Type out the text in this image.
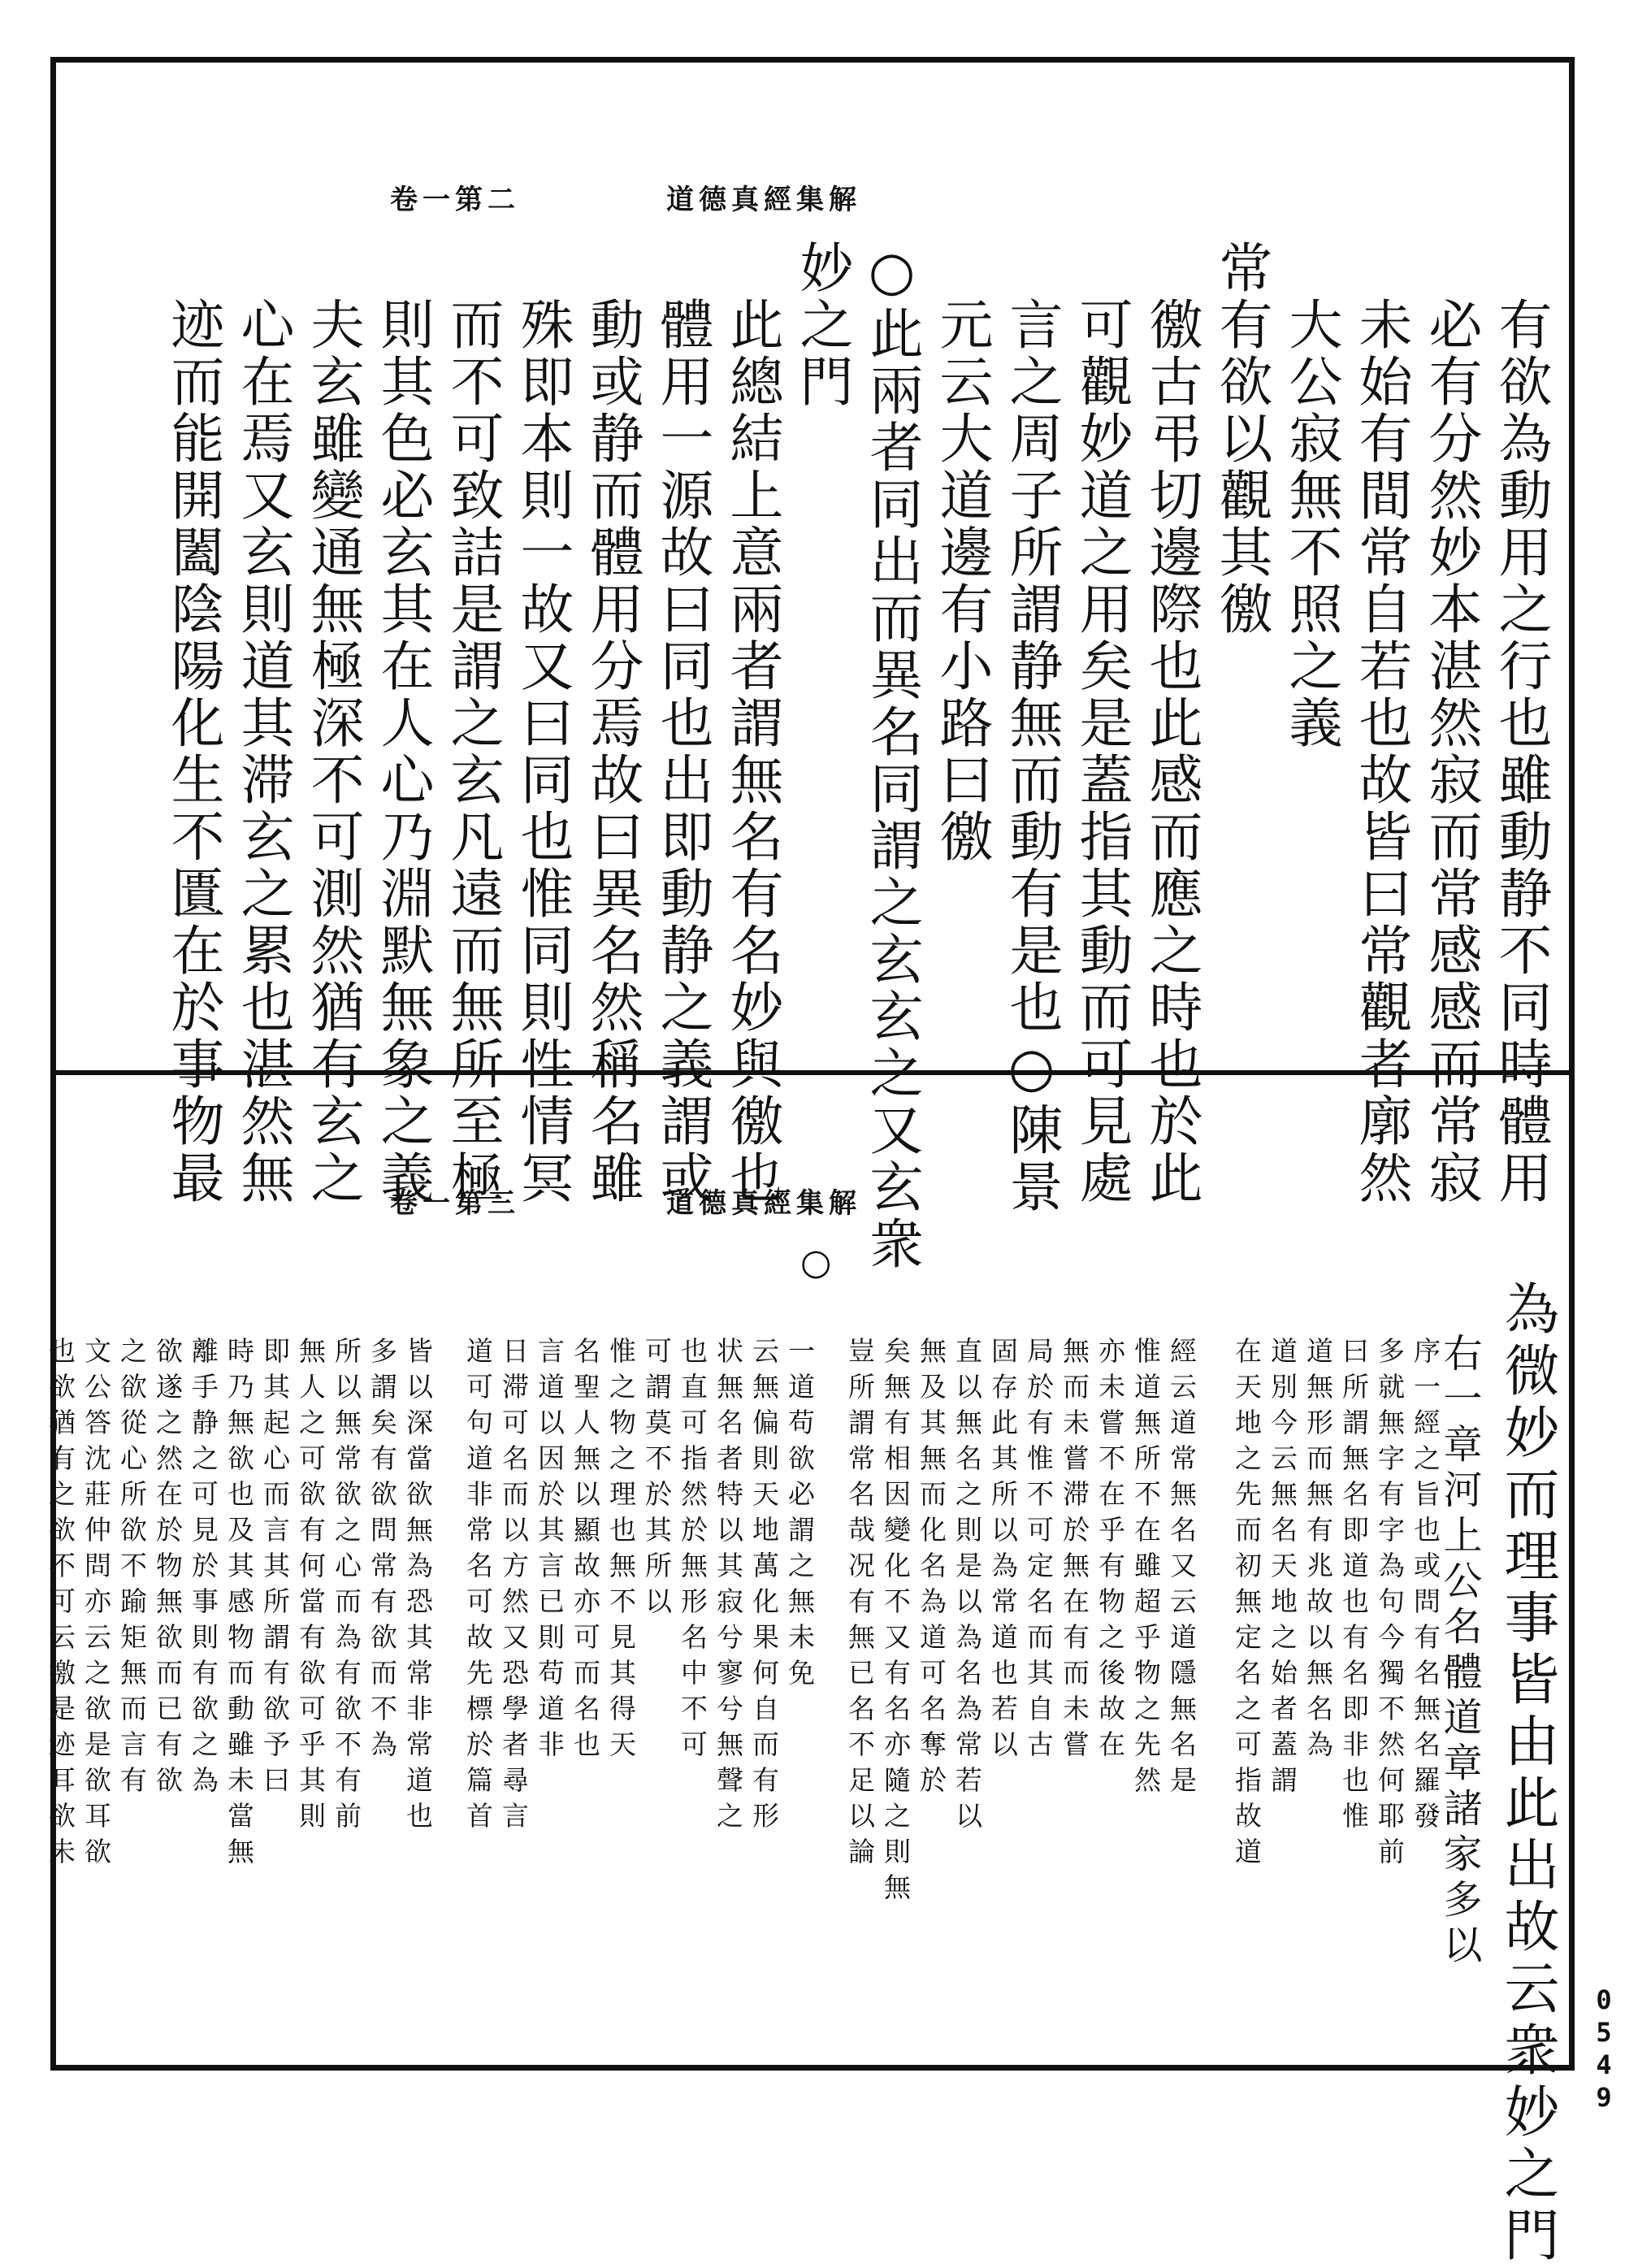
道德真經集解
卷一第二
有欲為動用之行也雖動静不同時體用
必有分然妙本湛然寂而常感感而常寂
未始有間常自若也故皆曰常觀者廓然
大公寂無不照之義
常有欲以觀其徼
徼古弔切邊際也此感而應之時也於此
可觀妙道之用矣是蓋指其動而可見處
言之周子所謂静無而動有是也○陳景
元云大道邊有小路曰徼
○此兩者同出而異名同謂之玄玄之又玄衆
妙之門
此總結上意兩者謂無名有名妙與徼也
體用一源故曰同也出即動静之義謂或
動或静而體用分焉故曰異名然稱名雖
殊即本則一故又曰同也惟同則性情冥
而不可致詰是謂之玄凡遠而無所至極
則其色必玄其在人心乃淵默無象之義
夫玄雖變通無極深不可測然猶有玄之
心在焉又玄則道其滞玄之累也湛然無
迹而能開闔陰陽化生不匱在於事物最	道德真經集解
卷一第三
○
為微妙而理事皆由此出故云衆妙之門
右一章河上公名體道章諸家多以
序一經之旨也或問有名無名羅發
多就無字有字為句今獨不然何耶前
曰所謂無名即道也有名即非也惟
道無形而無有兆故以無名為
道別今云無名天地之始者蓋謂
在天地之先而初無定名之可指故道
經云道常無名又云道隱無名是
惟道無所不在雖超乎物之先然
亦未嘗不在乎有物之後故在
無而未嘗滞於無在有而未嘗
局於有惟不可定名而其自古
固存此其所以為常道也若以
直以無名之則是以為名為常若以
無及其無而化名為道可名奪於
矣無有相因變化不又有名亦隨之則無
豈所謂常名哉况有無已名不足以論
一道苟欲必謂之無未免
云無偏則天地萬化果何自而有形
状無名者特以其寂兮寥兮無聲之
也直可指然於無形名中不可
可謂莫不於其所以
惟之物之理也無不見其得天
名聖人無以顯故亦可而名也
言道以因於其言已則苟道非
日滞可名而以方然又恐學者尋言
道可句道非常名可故先標於篇首
皆以深當欲無為恐其常非常道也
多謂矣有欲問常有欲而不為
所以無常欲之心而為有欲不有前
無人之可欲有何當有欲可乎其則
即其起心而言其所謂有欲予曰
時乃無欲也及其感物而動雖未當無
離手静之可見於事則有欲之為
欲遂之然在於物無欲而已有欲
之欲從心所欲不踰矩無而言有
文公答沈莊仲問亦云之欲是欲耳欲
也欲猶有之欲不可云徼是迹耳欲未
0549
